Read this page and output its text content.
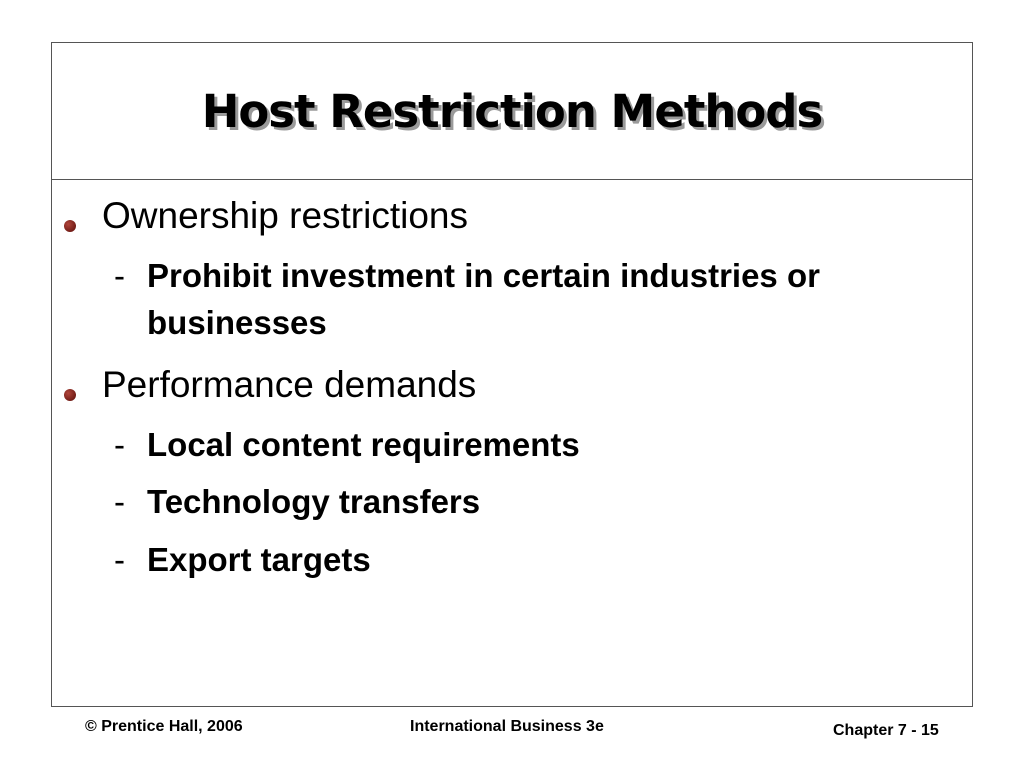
Host Restriction Methods
Ownership restrictions
- Prohibit investment in certain industries or businesses
Performance demands
- Local content requirements
- Technology transfers
- Export targets
© Prentice Hall, 2006	International Business 3e	Chapter 7 - 15
